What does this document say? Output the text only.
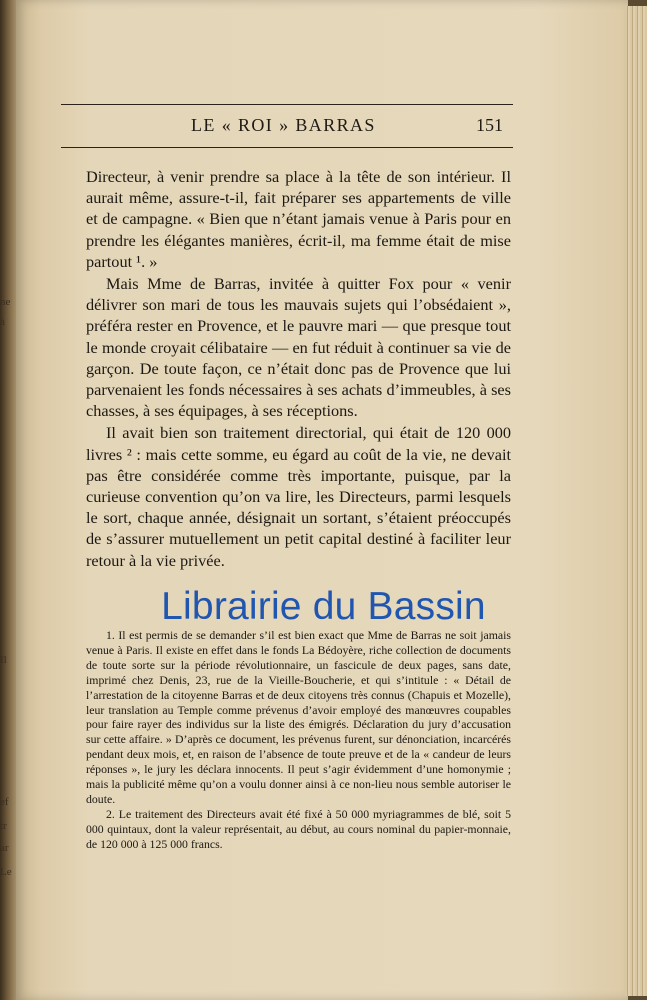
ne
à
Il
ef
tr
ar
Le
LE « ROI » BARRAS	151

Directeur, à venir prendre sa place à la tête de son intérieur. Il aurait même, assure-t-il, fait préparer ses appartements de ville et de campagne. « Bien que n’étant jamais venue à Paris pour en prendre les élégantes manières, écrit-il, ma femme était de mise partout ¹. »

Mais Mme de Barras, invitée à quitter Fox pour « venir délivrer son mari de tous les mauvais sujets qui l’obsédaient », préféra rester en Provence, et le pauvre mari — que presque tout le monde croyait célibataire — en fut réduit à continuer sa vie de garçon. De toute façon, ce n’était donc pas de Provence que lui parvenaient les fonds nécessaires à ses achats d’immeubles, à ses chasses, à ses équipages, à ses réceptions.

Il avait bien son traitement directorial, qui était de 120 000 livres ² : mais cette somme, eu égard au coût de la vie, ne devait pas être considérée comme très importante, puisque, par la curieuse convention qu’on va lire, les Directeurs, parmi lesquels le sort, chaque année, désignait un sortant, s’étaient préoccupés de s’assurer mutuellement un petit capital destiné à faciliter leur retour à la vie privée.

Librairie du Bassin

1. Il est permis de se demander s’il est bien exact que Mme de Barras ne soit jamais venue à Paris. Il existe en effet dans le fonds La Bédoyère, riche collection de documents de toute sorte sur la période révolutionnaire, un fascicule de deux pages, sans date, imprimé chez Denis, 23, rue de la Vieille-Boucherie, et qui s’intitule : « Détail de l’arrestation de la citoyenne Barras et de deux citoyens très connus (Chapuis et Mozelle), leur translation au Temple comme prévenus d’avoir employé des manœuvres coupables pour faire rayer des individus sur la liste des émigrés. Déclaration du jury d’accusation sur cette affaire. » D’après ce document, les prévenus furent, sur dénonciation, incarcérés pendant deux mois, et, en raison de l’absence de toute preuve et de la « candeur de leurs réponses », le jury les déclara innocents. Il peut s’agir évidemment d’une homonymie ; mais la publicité même qu’on a voulu donner ainsi à ce non-lieu nous semble autoriser le doute.

2. Le traitement des Directeurs avait été fixé à 50 000 myriagrammes de blé, soit 5 000 quintaux, dont la valeur représentait, au début, au cours nominal du papier-monnaie, de 120 000 à 125 000 francs.
